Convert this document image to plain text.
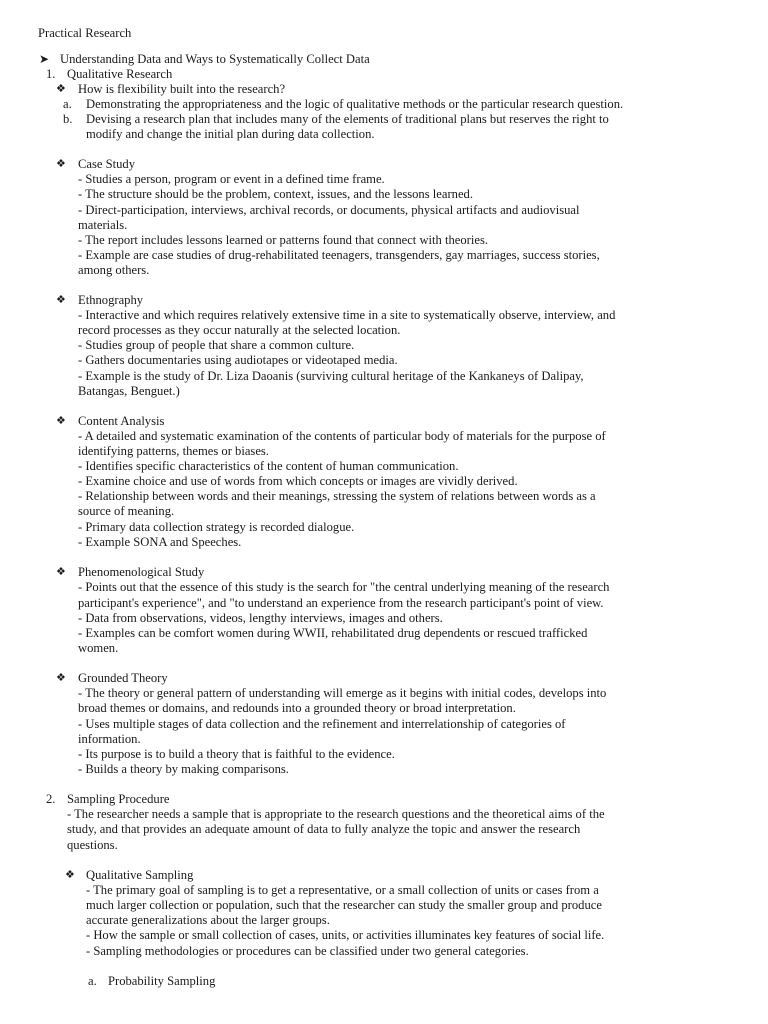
Practical Research
➤ Understanding Data and Ways to Systematically Collect Data
1. Qualitative Research
❖ How is flexibility built into the research?
a. Demonstrating the appropriateness and the logic of qualitative methods or the particular research question.
b. Devising a research plan that includes many of the elements of traditional plans but reserves the right to
modify and change the initial plan during data collection.
❖ Case Study
- Studies a person, program or event in a defined time frame.
- The structure should be the problem, context, issues, and the lessons learned.
- Direct-participation, interviews, archival records, or documents, physical artifacts and audiovisual
materials.
- The report includes lessons learned or patterns found that connect with theories.
- Example are case studies of drug-rehabilitated teenagers, transgenders, gay marriages, success stories,
among others.
❖ Ethnography
- Interactive and which requires relatively extensive time in a site to systematically observe, interview, and
record processes as they occur naturally at the selected location.
- Studies group of people that share a common culture.
- Gathers documentaries using audiotapes or videotaped media.
- Example is the study of Dr. Liza Daoanis (surviving cultural heritage of the Kankaneys of Dalipay,
Batangas, Benguet.)
❖ Content Analysis
- A detailed and systematic examination of the contents of particular body of materials for the purpose of
identifying patterns, themes or biases.
- Identifies specific characteristics of the content of human communication.
- Examine choice and use of words from which concepts or images are vividly derived.
- Relationship between words and their meanings, stressing the system of relations between words as a
source of meaning.
- Primary data collection strategy is recorded dialogue.
- Example SONA and Speeches.
❖ Phenomenological Study
- Points out that the essence of this study is the search for "the central underlying meaning of the research
participant's experience", and "to understand an experience from the research participant's point of view.
- Data from observations, videos, lengthy interviews, images and others.
- Examples can be comfort women during WWII, rehabilitated drug dependents or rescued trafficked
women.
❖ Grounded Theory
- The theory or general pattern of understanding will emerge as it begins with initial codes, develops into
broad themes or domains, and redounds into a grounded theory or broad interpretation.
- Uses multiple stages of data collection and the refinement and interrelationship of categories of
information.
- Its purpose is to build a theory that is faithful to the evidence.
- Builds a theory by making comparisons.
2. Sampling Procedure
- The researcher needs a sample that is appropriate to the research questions and the theoretical aims of the
study, and that provides an adequate amount of data to fully analyze the topic and answer the research
questions.
❖ Qualitative Sampling
- The primary goal of sampling is to get a representative, or a small collection of units or cases from a
much larger collection or population, such that the researcher can study the smaller group and produce
accurate generalizations about the larger groups.
- How the sample or small collection of cases, units, or activities illuminates key features of social life.
- Sampling methodologies or procedures can be classified under two general categories.
a. Probability Sampling
